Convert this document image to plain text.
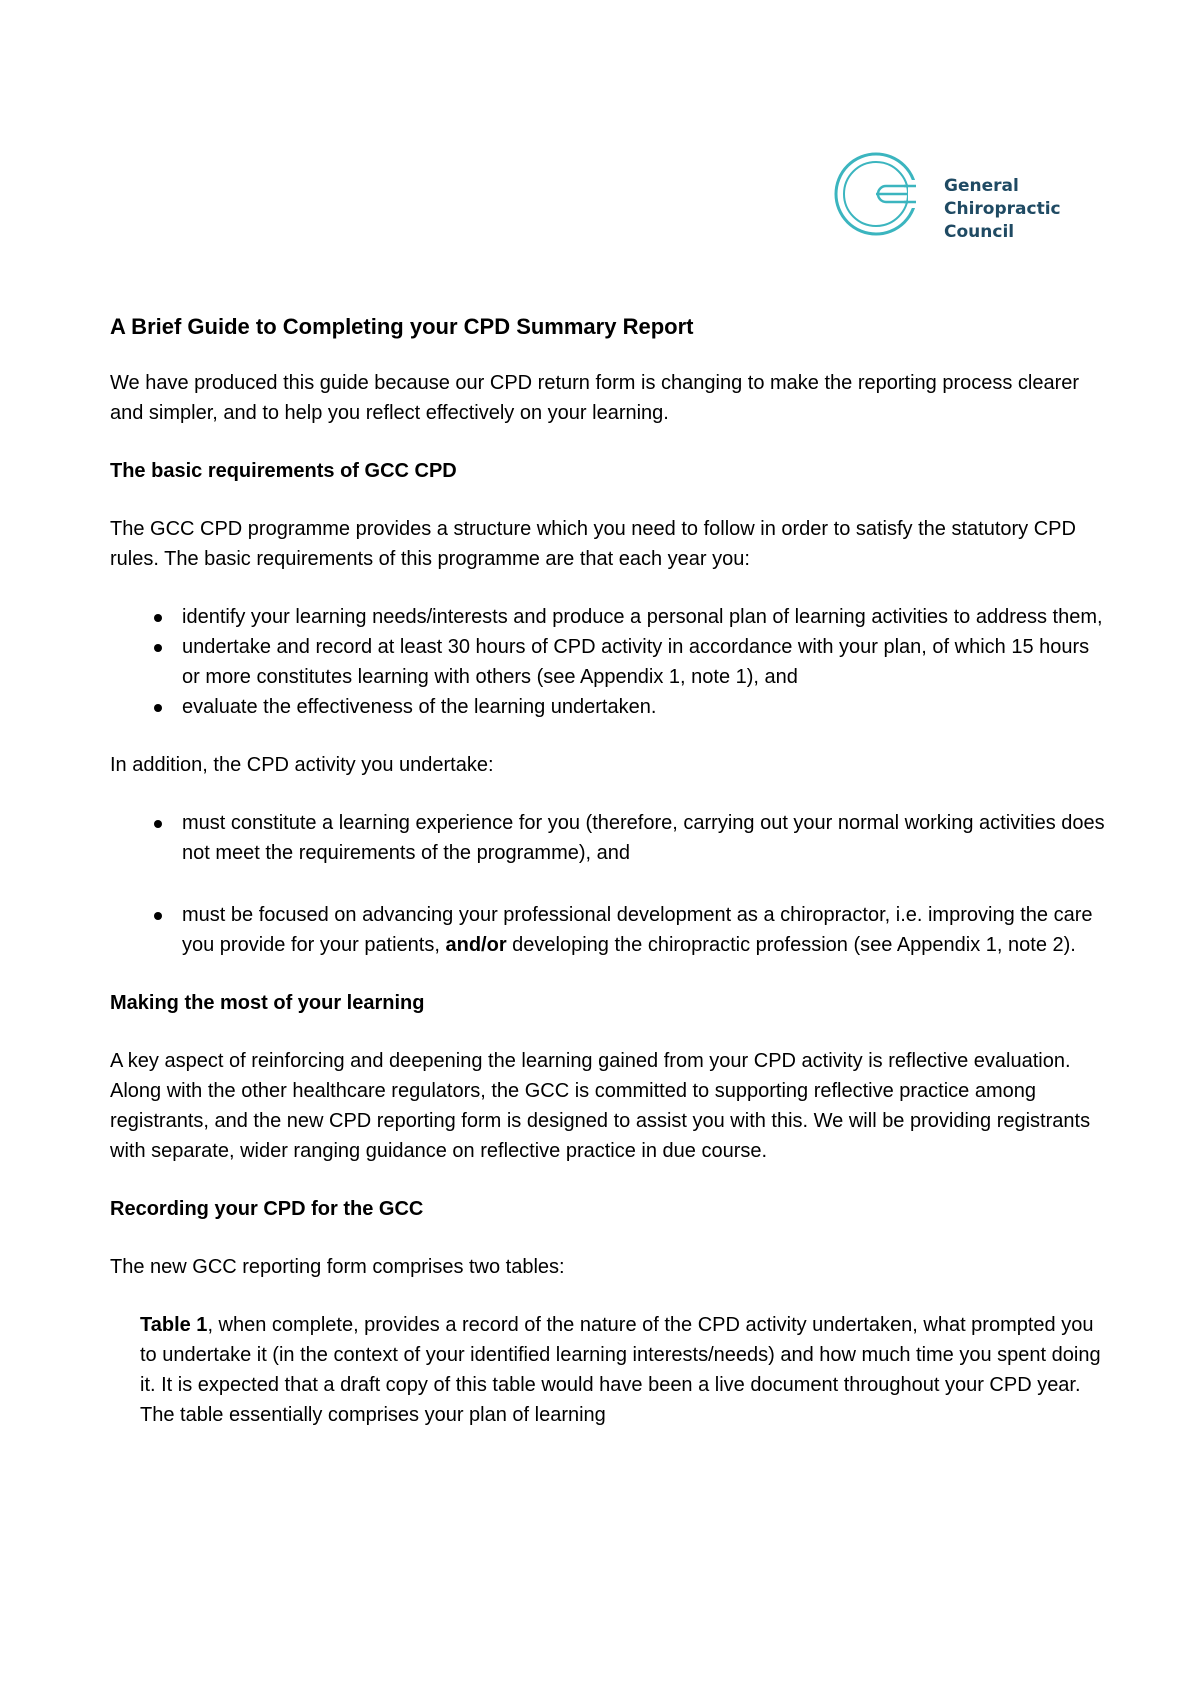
General
Chiropractic
Council
A Brief Guide to Completing your CPD Summary Report

We have produced this guide because our CPD return form is changing to make the reporting process clearer and simpler, and to help you reflect effectively on your learning.

The basic requirements of GCC CPD

The GCC CPD programme provides a structure which you need to follow in order to satisfy the statutory CPD rules. The basic requirements of this programme are that each year you:

identify your learning needs/interests and produce a personal plan of learning activities to address them,
undertake and record at least 30 hours of CPD activity in accordance with your plan, of which 15 hours or more constitutes learning with others (see Appendix 1, note 1), and
evaluate the effectiveness of the learning undertaken.

In addition, the CPD activity you undertake:

must constitute a learning experience for you (therefore, carrying out your normal working activities does not meet the requirements of the programme), and
must be focused on advancing your professional development as a chiropractor, i.e. improving the care you provide for your patients, and/or developing the chiropractic profession (see Appendix 1, note 2).
Making the most of your learning

A key aspect of reinforcing and deepening the learning gained from your CPD activity is reflective evaluation. Along with the other healthcare regulators, the GCC is committed to supporting reflective practice among registrants, and the new CPD reporting form is designed to assist you with this. We will be providing registrants with separate, wider ranging guidance on reflective practice in due course.

Recording your CPD for the GCC

The new GCC reporting form comprises two tables:

Table 1, when complete, provides a record of the nature of the CPD activity undertaken, what prompted you to undertake it (in the context of your identified learning interests/needs) and how much time you spent doing it. It is expected that a draft copy of this table would have been a live document throughout your CPD year. The table essentially comprises your plan of learning
